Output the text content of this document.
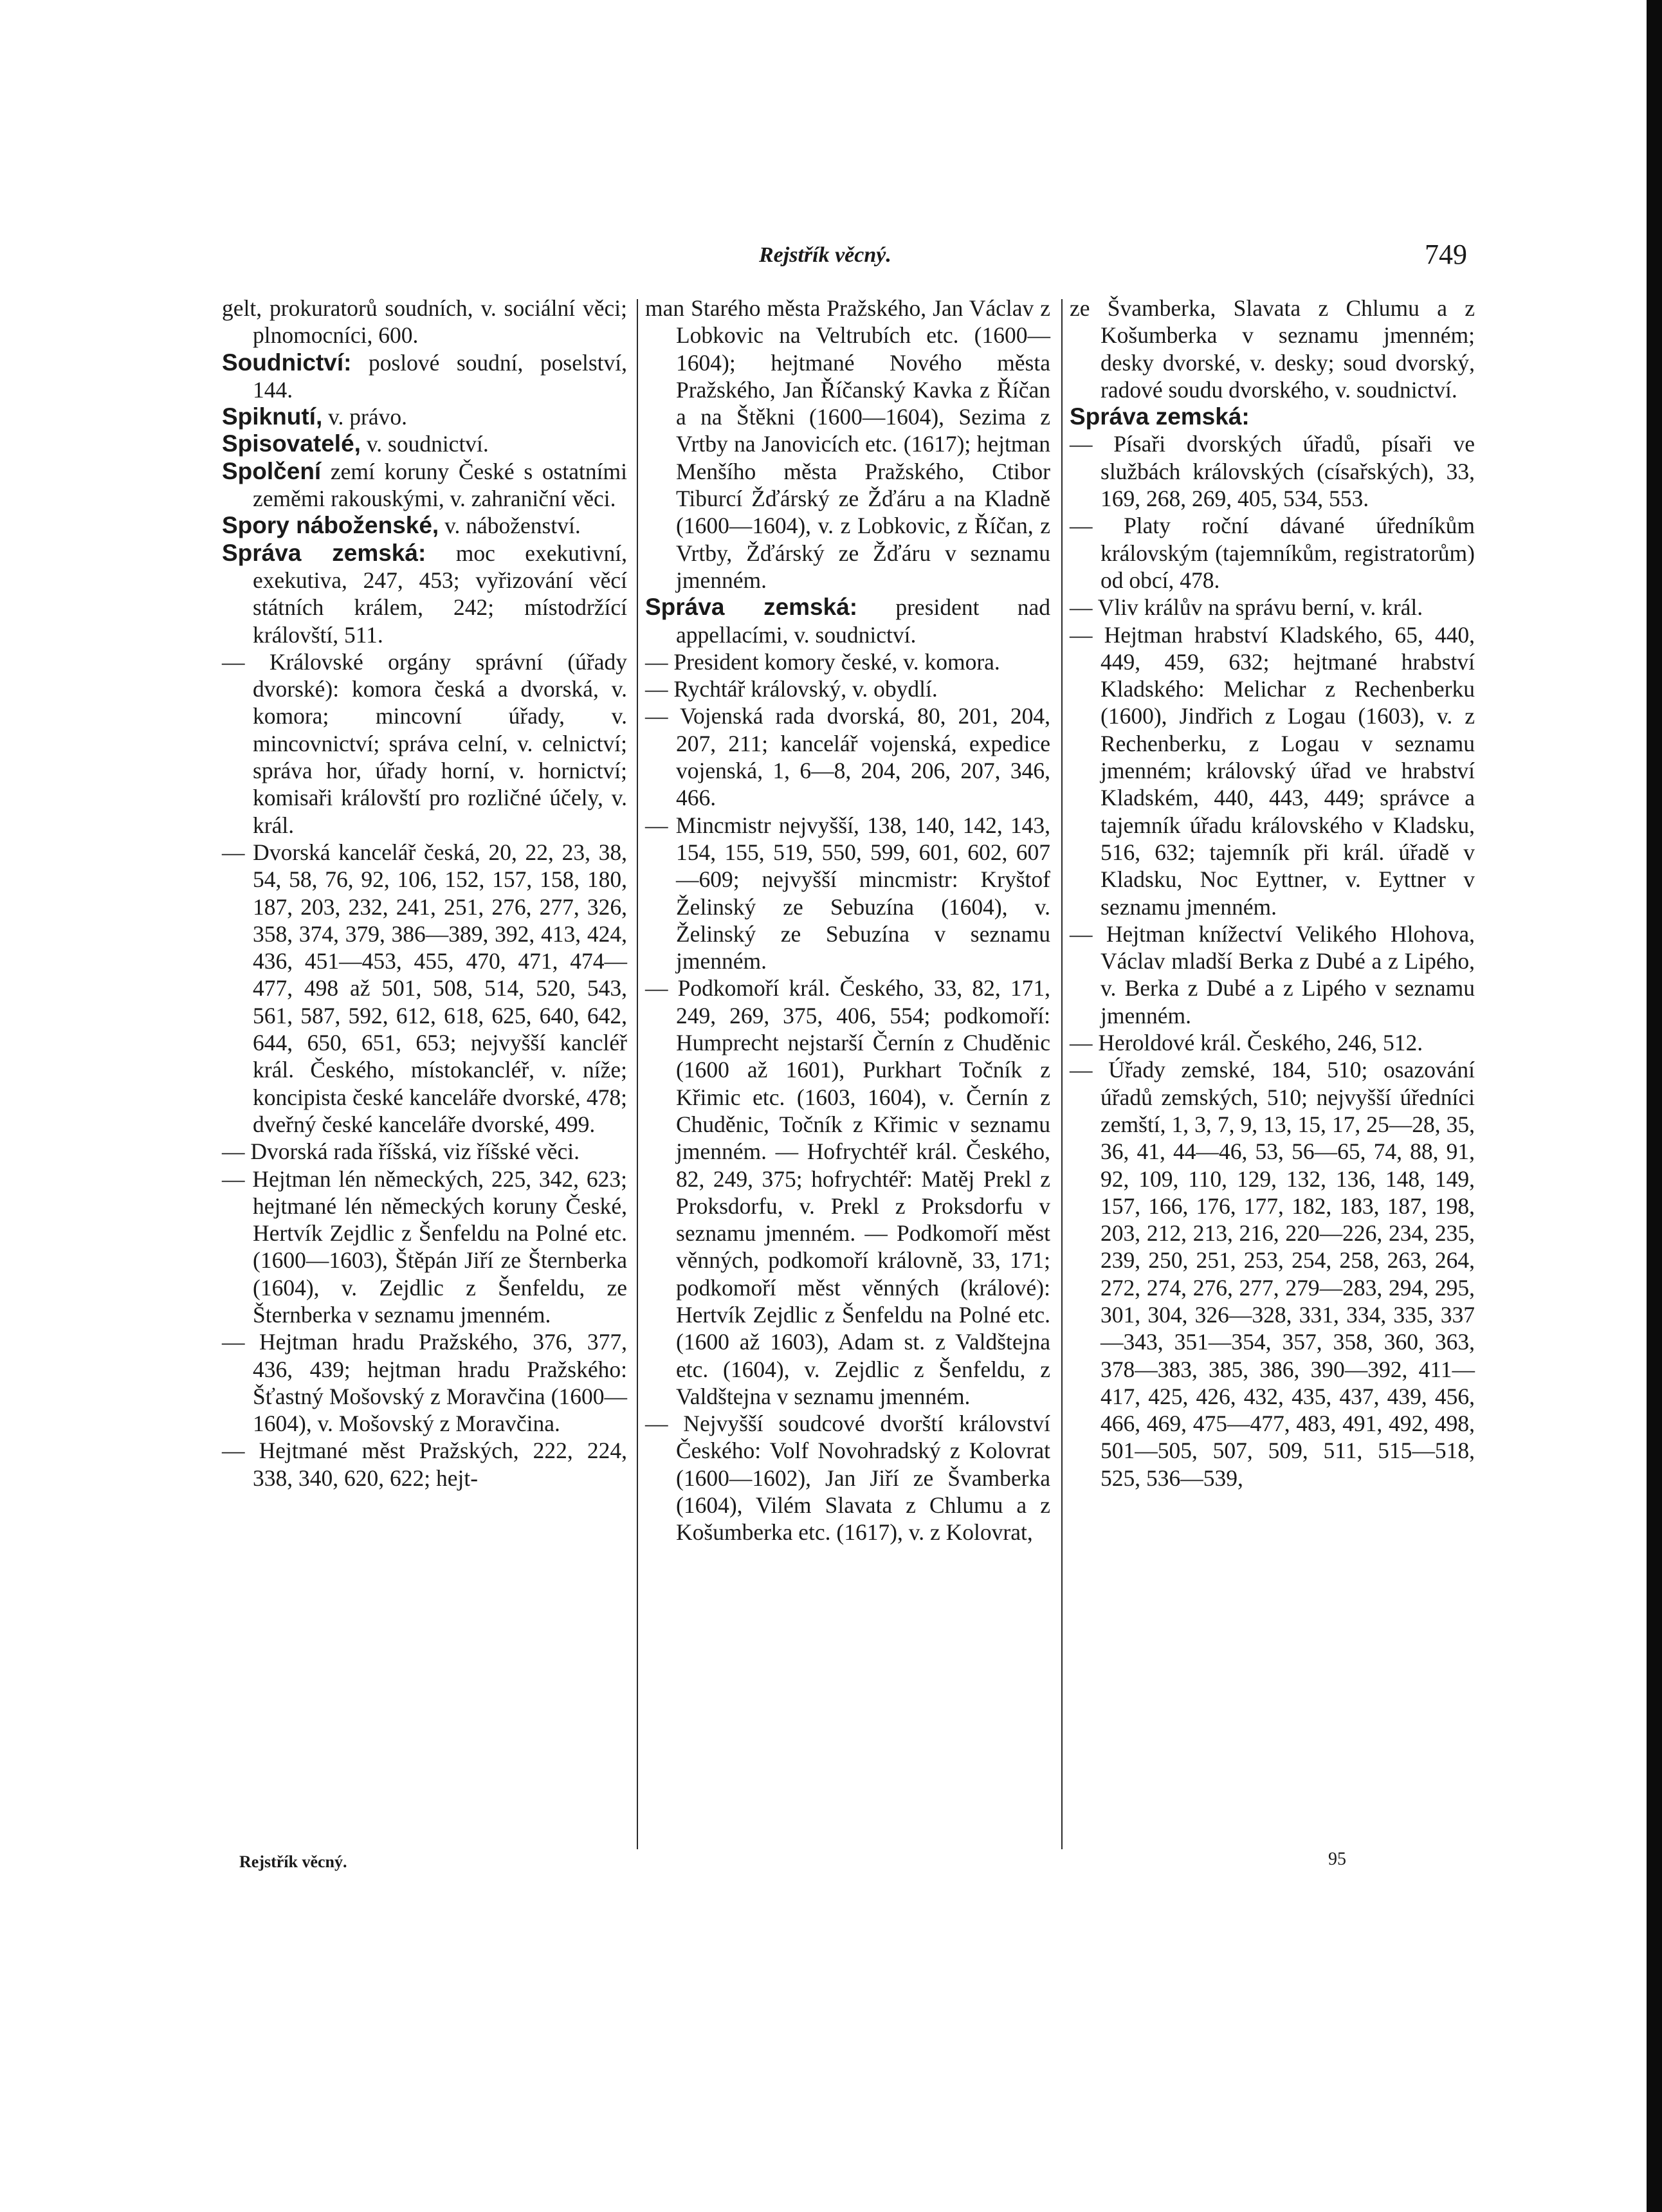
Rejstřík věcný.	749

gelt, prokuratorů soudních, v. sociální věci; plnomocníci, 600.

Soudnictví: poslové soudní, poselství, 144.

Spiknutí, v. právo.

Spisovatelé, v. soudnictví.

Spolčení zemí koruny České s ostatními zeměmi rakouskými, v. zahraniční věci.

Spory náboženské, v. náboženství.

Správa zemská: moc exekutivní, exekutiva, 247, 453; vyřizování věcí státních králem, 242; místodržící královští, 511.

— Královské orgány správní (úřady dvorské): komora česká a dvorská, v. komora; mincovní úřady, v. mincovnictví; správa celní, v. celnictví; správa hor, úřady horní, v. hornictví; komisaři královští pro rozličné účely, v. král.

— Dvorská kancelář česká, 20, 22, 23, 38, 54, 58, 76, 92, 106, 152, 157, 158, 180, 187, 203, 232, 241, 251, 276, 277, 326, 358, 374, 379, 386—389, 392, 413, 424, 436, 451—453, 455, 470, 471, 474—477, 498 až 501, 508, 514, 520, 543, 561, 587, 592, 612, 618, 625, 640, 642, 644, 650, 651, 653; nejvyšší kancléř král. Českého, místokancléř, v. níže; koncipista české kanceláře dvorské, 478; dveřný české kanceláře dvorské, 499.

— Dvorská rada říšská, viz říšské věci.

— Hejtman lén německých, 225, 342, 623; hejtmané lén německých koruny České, Hertvík Zejdlic z Šenfeldu na Polné etc. (1600—1603), Štěpán Jiří ze Šternberka (1604), v. Zejdlic z Šenfeldu, ze Šternberka v seznamu jmenném.

— Hejtman hradu Pražského, 376, 377, 436, 439; hejtman hradu Pražského: Šťastný Mošovský z Moravčina (1600—1604), v. Mošovský z Moravčina.

— Hejtmané měst Pražských, 222, 224, 338, 340, 620, 622; hejt-

man Starého města Pražského, Jan Václav z Lobkovic na Veltrubích etc. (1600—1604); hejtmané Nového města Pražského, Jan Říčanský Kavka z Říčan a na Štěkni (1600—1604), Sezima z Vrtby na Janovicích etc. (1617); hejtman Menšího města Pražského, Ctibor Tiburcí Žďárský ze Žďáru a na Kladně (1600—1604), v. z Lobkovic, z Říčan, z Vrtby, Žďárský ze Žďáru v seznamu jmenném.

Správa zemská: president nad appellacími, v. soudnictví.

— President komory české, v. komora.

— Rychtář královský, v. obydlí.

— Vojenská rada dvorská, 80, 201, 204, 207, 211; kancelář vojenská, expedice vojenská, 1, 6—8, 204, 206, 207, 346, 466.

— Mincmistr nejvyšší, 138, 140, 142, 143, 154, 155, 519, 550, 599, 601, 602, 607—609; nejvyšší mincmistr: Kryštof Želinský ze Sebuzína (1604), v. Želinský ze Sebuzína v seznamu jmenném.

— Podkomoří král. Českého, 33, 82, 171, 249, 269, 375, 406, 554; podkomoří: Humprecht nejstarší Černín z Chuděnic (1600 až 1601), Purkhart Točník z Křimic etc. (1603, 1604), v. Černín z Chuděnic, Točník z Křimic v seznamu jmenném. — Hofrychtéř král. Českého, 82, 249, 375; hofrychtéř: Matěj Prekl z Proksdorfu, v. Prekl z Proksdorfu v seznamu jmenném. — Podkomoří měst věnných, podkomoří královně, 33, 171; podkomoří měst věnných (králové): Hertvík Zejdlic z Šenfeldu na Polné etc. (1600 až 1603), Adam st. z Valdštejna etc. (1604), v. Zejdlic z Šenfeldu, z Valdštejna v seznamu jmenném.

— Nejvyšší soudcové dvorští království Českého: Volf Novohradský z Kolovrat (1600—1602), Jan Jiří ze Švamberka (1604), Vilém Slavata z Chlumu a z Košumberka etc. (1617), v. z Kolovrat,

ze Švamberka, Slavata z Chlumu a z Košumberka v seznamu jmenném; desky dvorské, v. desky; soud dvorský, radové soudu dvorského, v. soudnictví.

Správa zemská:

— Písaři dvorských úřadů, písaři ve službách královských (císařských), 33, 169, 268, 269, 405, 534, 553.

— Platy roční dávané úředníkům královským (tajemníkům, registratorům) od obcí, 478.

— Vliv králův na správu berní, v. král.

— Hejtman hrabství Kladského, 65, 440, 449, 459, 632; hejtmané hrabství Kladského: Melichar z Rechenberku (1600), Jindřich z Logau (1603), v. z Rechenberku, z Logau v seznamu jmenném; královský úřad ve hrabství Kladském, 440, 443, 449; správce a tajemník úřadu královského v Kladsku, 516, 632; tajemník při král. úřadě v Kladsku, Noc Eyttner, v. Eyttner v seznamu jmenném.

— Hejtman knížectví Velikého Hlohova, Václav mladší Berka z Dubé a z Lipého, v. Berka z Dubé a z Lipého v seznamu jmenném.

— Heroldové král. Českého, 246, 512.

— Úřady zemské, 184, 510; osazování úřadů zemských, 510; nejvyšší úředníci zemští, 1, 3, 7, 9, 13, 15, 17, 25—28, 35, 36, 41, 44—46, 53, 56—65, 74, 88, 91, 92, 109, 110, 129, 132, 136, 148, 149, 157, 166, 176, 177, 182, 183, 187, 198, 203, 212, 213, 216, 220—226, 234, 235, 239, 250, 251, 253, 254, 258, 263, 264, 272, 274, 276, 277, 279—283, 294, 295, 301, 304, 326—328, 331, 334, 335, 337—343, 351—354, 357, 358, 360, 363, 378—383, 385, 386, 390—392, 411—417, 425, 426, 432, 435, 437, 439, 456, 466, 469, 475—477, 483, 491, 492, 498, 501—505, 507, 509, 511, 515—518, 525, 536—539,

Rejstřík věcný.	95
